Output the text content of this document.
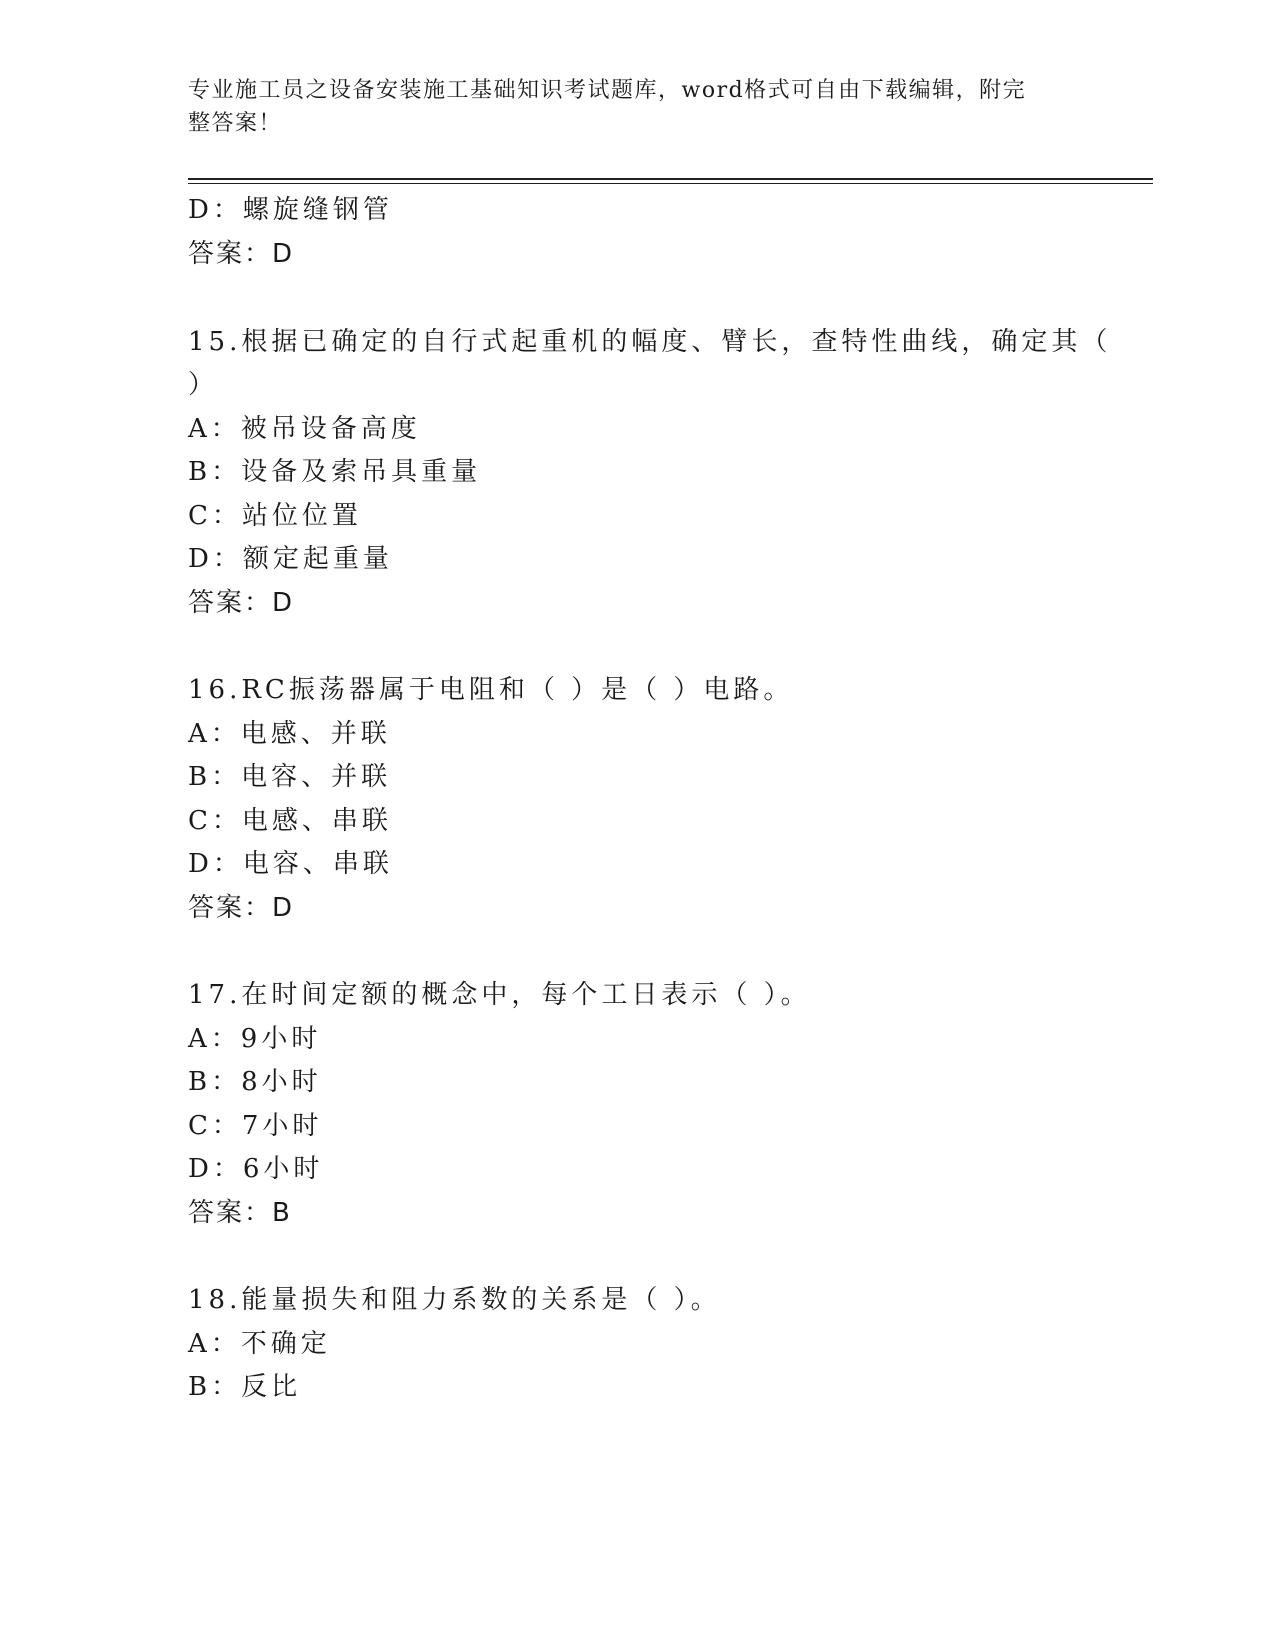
专业施工员之设备安装施工基础知识考试题库，word格式可自由下载编辑，附完
整答案！
D：螺旋缝钢管
答案：D
15.根据已确定的自行式起重机的幅度、臂长，查特性曲线，确定其（
）
A：被吊设备高度
B：设备及索吊具重量
C：站位位置
D：额定起重量
答案：D
16.RC振荡器属于电阻和（ ）是（ ）电路。
A：电感、并联
B：电容、并联
C：电感、串联
D：电容、串联
答案：D
17.在时间定额的概念中，每个工日表示（ ）。
A：9小时
B：8小时
C：7小时
D：6小时
答案：B
18.能量损失和阻力系数的关系是（ ）。
A：不确定
B：反比
